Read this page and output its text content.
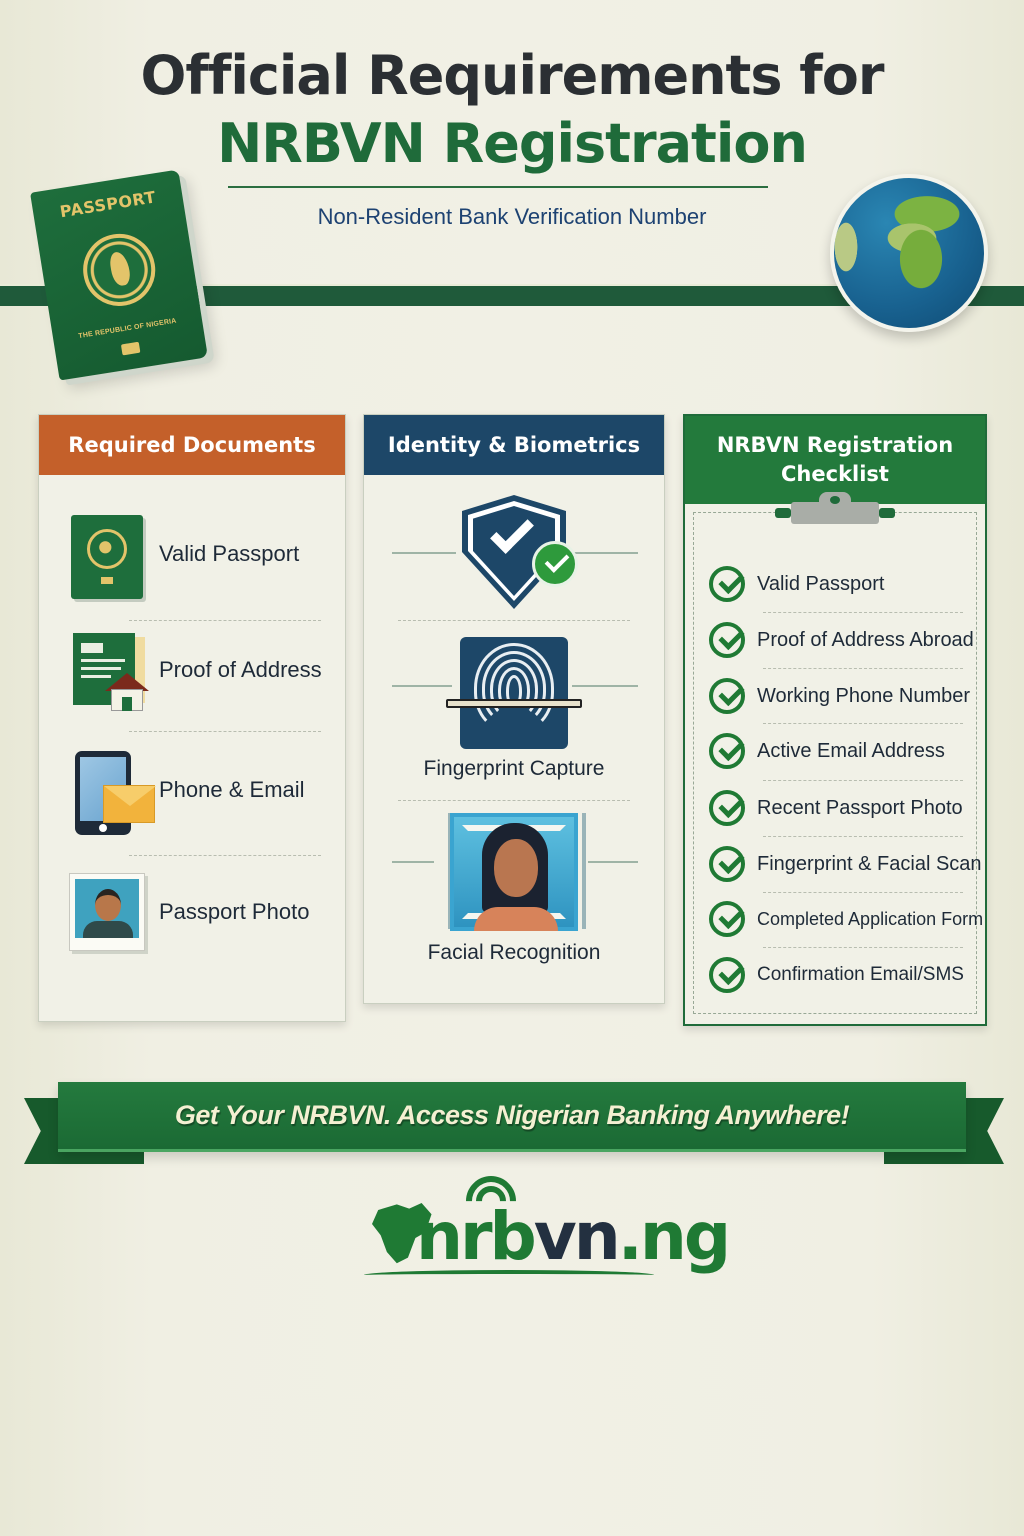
Official Requirements for
NRBVN Registration
Non-Resident Bank Verification Number
PASSPORT
THE REPUBLIC OF NIGERIA
Required Documents
Valid Passport
Proof of Address
Phone & Email
Passport Photo
Identity & Biometrics
Fingerprint Capture
Facial Recognition
NRBVN Registration
Checklist
Valid Passport
Proof of Address Abroad
Working Phone Number
Active Email Address
Recent Passport Photo
Fingerprint & Facial Scan
Completed Application Form
Confirmation Email/SMS
Get Your NRBVN. Access Nigerian Banking Anywhere!
nrbvn.ng
